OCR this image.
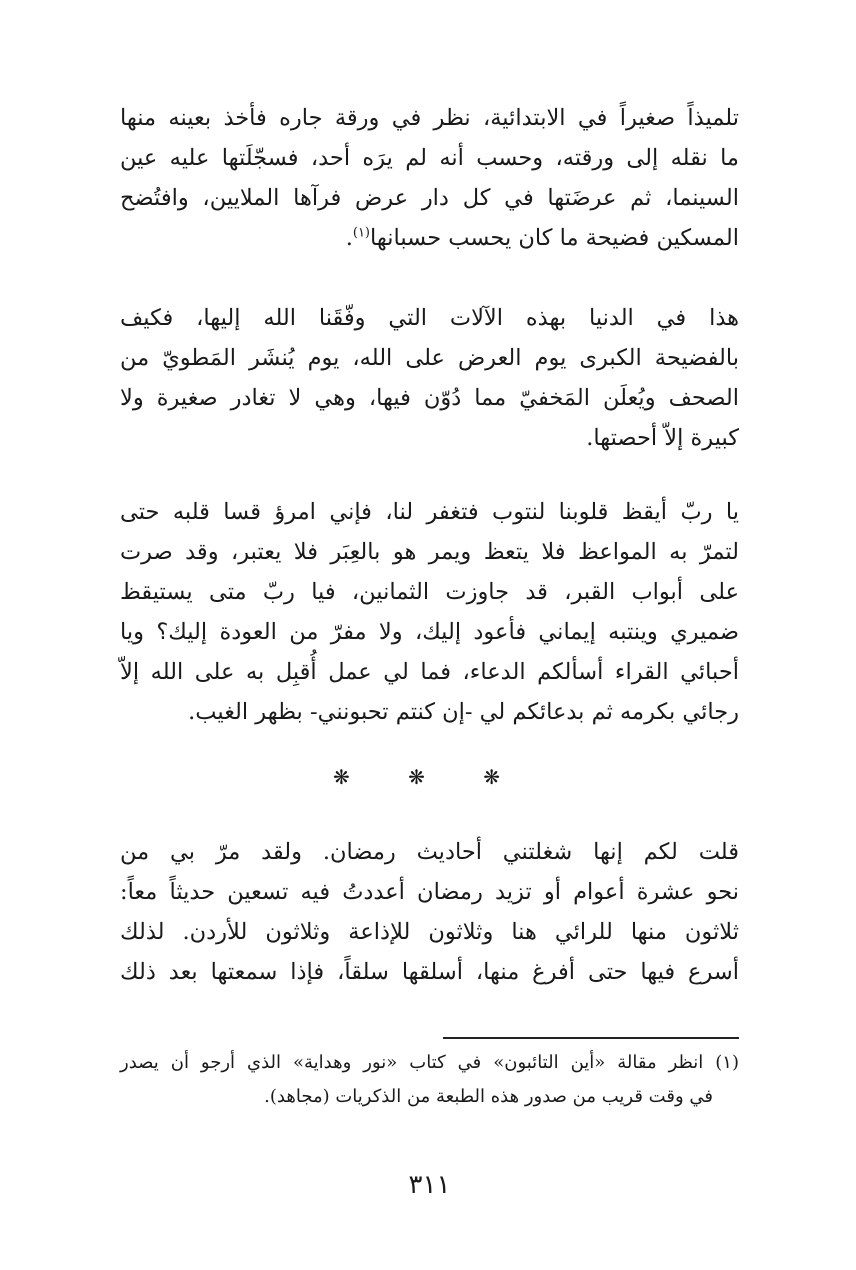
تلميذاً صغيراً في الابتدائية، نظر في ورقة جاره فأخذ بعينه منها
ما نقله إلى ورقته، وحسب أنه لم يرَه أحد، فسجّلَتها عليه عين
السينما، ثم عرضَتها في كل دار عرض فرآها الملايين، وافتُضح
المسكين فضيحة ما كان يحسب حسبانها$^{(١)}$.
هذا في الدنيا بهذه الآلات التي وفّقَنا الله إليها، فكيف
بالفضيحة الكبرى يوم العرض على الله، يوم يُنشَر المَطويّ من
الصحف ويُعلَن المَخفيّ مما دُوّن فيها، وهي لا تغادر صغيرة ولا
كبيرة إلاّ أحصتها.
يا ربّ أيقظ قلوبنا لنتوب فتغفر لنا، فإني امرؤ قسا قلبه حتى
لتمرّ به المواعظ فلا يتعظ ويمر هو بالعِبَر فلا يعتبر، وقد صرت
على أبواب القبر، قد جاوزت الثمانين، فيا ربّ متى يستيقظ
ضميري وينتبه إيماني فأعود إليك، ولا مفرّ من العودة إليك؟ ويا
أحبائي القراء أسألكم الدعاء، فما لي عمل أُقبِل به على الله إلاّ
رجائي بكرمه ثم بدعائكم لي -إن كنتم تحبونني- بظهر الغيب.
❋ ❋ ❋
قلت لكم إنها شغلتني أحاديث رمضان. ولقد مرّ بي من
نحو عشرة أعوام أو تزيد رمضان أعددتُ فيه تسعين حديثاً معاً:
ثلاثون منها للرائي هنا وثلاثون للإذاعة وثلاثون للأردن. لذلك
أسرع فيها حتى أفرغ منها، أسلقها سلقاً، فإذا سمعتها بعد ذلك
(١) انظر مقالة «أين التائبون» في كتاب «نور وهداية» الذي أرجو أن يصدر
في وقت قريب من صدور هذه الطبعة من الذكريات (مجاهد).
٣١١
